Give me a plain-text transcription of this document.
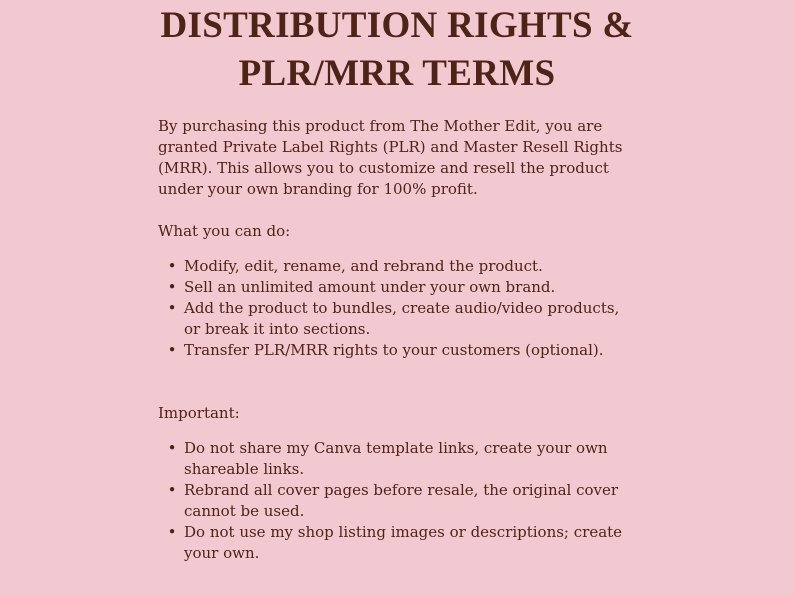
DISTRIBUTION RIGHTS &
PLR/MRR TERMS

By purchasing this product from The Mother Edit, you are granted Private Label Rights (PLR) and Master Resell Rights (MRR). This allows you to customize and resell the product under your own branding for 100% profit.

What you can do:

• Modify, edit, rename, and rebrand the product.
• Sell an unlimited amount under your own brand.
• Add the product to bundles, create audio/video products, or break it into sections.
• Transfer PLR/MRR rights to your customers (optional).

Important:

• Do not share my Canva template links, create your own shareable links.
• Rebrand all cover pages before resale, the original cover cannot be used.
• Do not use my shop listing images or descriptions; create your own.
